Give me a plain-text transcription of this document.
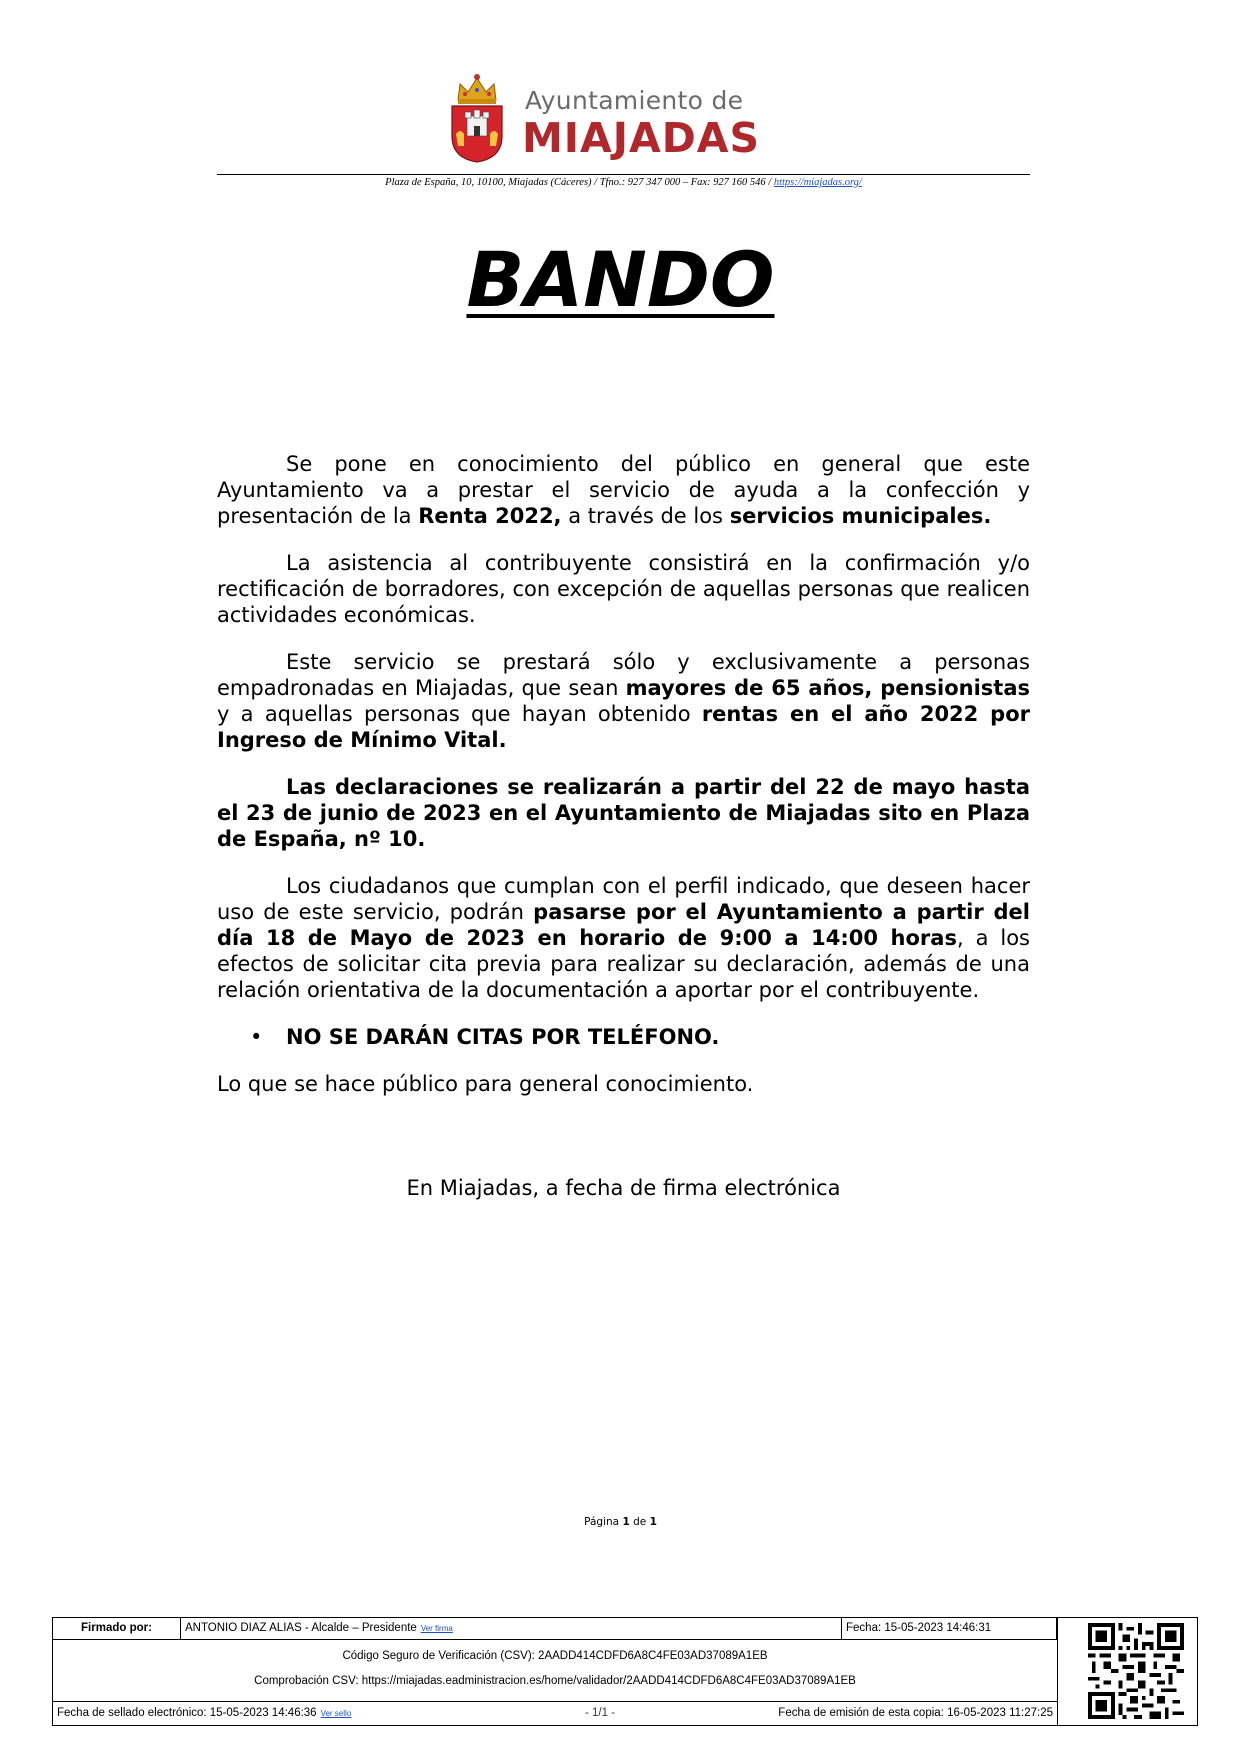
Ayuntamiento de
MIAJADAS
Plaza de España, 10, 10100, Miajadas (Cáceres) / Tfno.: 927 347 000 – Fax: 927 160 546 / https://miajadas.org/
BANDO

Se pone en conocimiento del público en general que este Ayuntamiento va a prestar el servicio de ayuda a la confección y presentación de la Renta 2022, a través de los servicios municipales.

La asistencia al contribuyente consistirá en la confirmación y/o rectificación de borradores, con excepción de aquellas personas que realicen actividades económicas.

Este servicio se prestará sólo y exclusivamente a personas empadronadas en Miajadas, que sean mayores de 65 años, pensionistas y a aquellas personas que hayan obtenido rentas en el año 2022 por Ingreso de Mínimo Vital.

Las declaraciones se realizarán a partir del 22 de mayo hasta el 23 de junio de 2023 en el Ayuntamiento de Miajadas sito en Plaza de España, nº 10.

Los ciudadanos que cumplan con el perfil indicado, que deseen hacer uso de este servicio, podrán pasarse por el Ayuntamiento a partir del día 18 de Mayo de 2023 en horario de 9:00 a 14:00 horas, a los efectos de solicitar cita previa para realizar su declaración, además de una relación orientativa de la documentación a aportar por el contribuyente.

•	NO SE DARÁN CITAS POR TELÉFONO.

Lo que se hace público para general conocimiento.

En Miajadas, a fecha de firma electrónica
Página 1 de 1
Firmado por:	ANTONIO DIAZ ALIAS - Alcalde – Presidente Ver firma	Fecha: 15-05-2023 14:46:31
Código Seguro de Verificación (CSV): 2AADD414CDFD6A8C4FE03AD37089A1EB
Comprobación CSV: https://miajadas.eadministracion.es/home/validador/2AADD414CDFD6A8C4FE03AD37089A1EB
Fecha de sellado electrónico: 15-05-2023 14:46:36 Ver sello	- 1/1 -	Fecha de emisión de esta copia: 16-05-2023 11:27:25
